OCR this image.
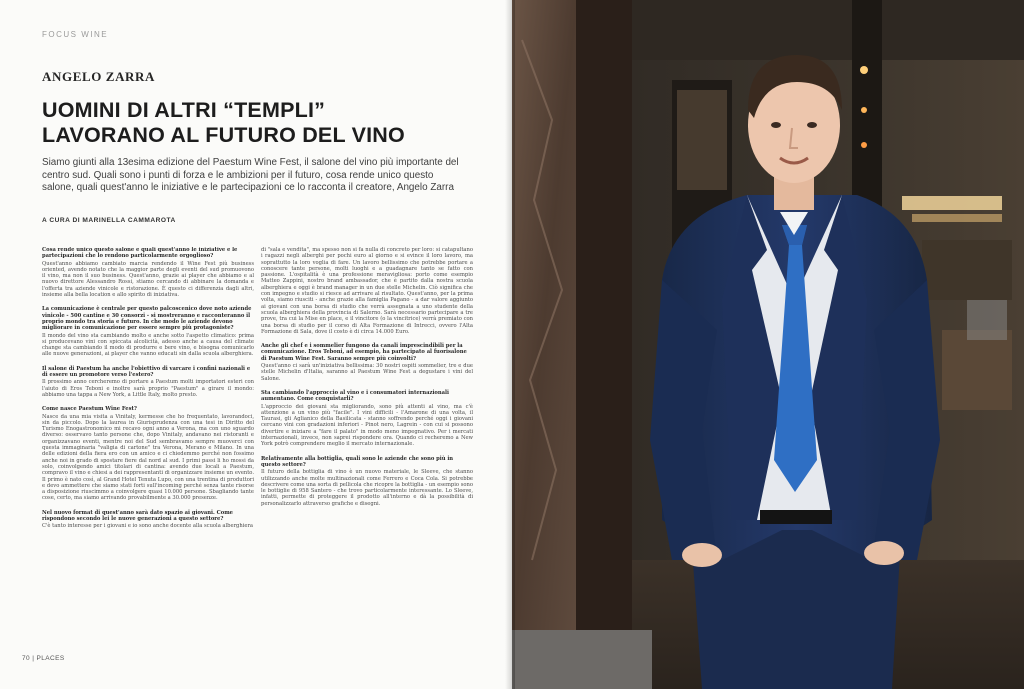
FOCUS WINE
ANGELO ZARRA
UOMINI DI ALTRI “TEMPLI”
LAVORANO AL FUTURO DEL VINO
Siamo giunti alla 13esima edizione del Paestum Wine Fest, il salone del vino più importante del centro sud. Quali sono i punti di forza e le ambizioni per il futuro, cosa rende unico questo salone, quali quest'anno le iniziative e le partecipazioni ce lo racconta il creatore, Angelo Zarra
A CURA DI MARINELLA CAMMAROTA
Cosa rende unico questo salone e quali quest'anno le iniziative e le partecipazioni che lo rendono particolarmente orgoglioso?
Quest'anno abbiamo cambiato marcia rendendo il Wine Fest più business oriented, avendo notato che la maggior parte degli eventi del sud promuovono il vino, ma non il suo business. Quest'anno, grazie ai player che abbiamo e al nuovo direttore Alessandro Rossi, stiamo cercando di abbinare la domanda e l'offerta tra aziende vinicole e ristorazione. È questo ci differenzia dagli altri, insieme alla bella location e allo spirito di iniziativa.
La comunicazione è centrale per questo palcoscenico dove noto aziende vinicole - 500 cantine e 30 consorzi - si mostreranno e racconteranno il proprio mondo tra storia e futuro. In che modo le aziende devono migliorare in comunicazione per essere sempre più protagoniste?
Il mondo del vino sta cambiando molto e anche sotto l'aspetto climatico: prima si producevano vini con spiccata alcolicità, adesso anche a causa del climate change sta cambiando il modo di produrre e bere vino, e bisogna comunicarlo alle nuove generazioni, ai player che vanno educati sin dalla scuola alberghiera.
Il salone di Paestum ha anche l'obiettivo di varcare i confini nazionali e di essere un promotore verso l'estero?
Il prossimo anno cercheremo di portare a Paestum molti importatori esteri con l'aiuto di Eros Teboni e inoltre sarà proprio "Paestum" a girare il mondo: abbiamo una tappa a New York, a Little Italy, molto presto.
Come nasce Paestum Wine Fest?
Nasce da una mia visita a Vinitaly, kermesse che ho frequentato, lavorandoci, sin da piccolo. Dopo la laurea in Giurisprudenza con una tesi in Diritto del Turismo Enogastronomico mi recavo ogni anno a Verona, ma con uno sguardo diverso: osservavo tanto persone che, dopo Vinitaly, andavano nei ristoranti e organizzavano eventi, mentre noi del Sud sembravamo sempre muoverci con questa immaginaria "valigia di cartone" tra Verona, Merano e Milano. In una delle edizioni della fiera ero con un amico e ci chiedemmo perché non fossimo anche noi in grado di spostare fiere dal nord al sud. I primi passi li ho mossi da solo, coinvolgendo amici titolari di cantina: avendo due locali a Paestum, compravo il vino e chiesi a dei rappresentanti di organizzare insieme un evento. Il primo è nato così, al Grand Hotel Tenuta Lupo, con una trentina di produttori e devo ammettere che siamo stati forti sull'incoming perché senza tante risorse a disposizione riuscimmo a coinvolgere quasi 10.000 persone. Sbagliando tante cose, certo, ma siamo arrivando provabilmente a 30.000 presenze.
Nel nuovo format di quest'anno sarà dato spazio ai giovani. Come rispondono secondo lei le nuove generazioni a questo settore?
C'è tanto interesse per i giovani e io sono anche docente alla scuola alberghiera
di "sala e vendita", ma spesso non si fa nulla di concreto per loro: si catapultano i ragazzi negli alberghi per pochi euro al giorno e si evince il loro lavoro, ma soprattutto la loro voglia di fare. Un lavoro bellissimo che potrebbe portare a conoscere tante persone, molti luoghi e a guadagnare tanto se fatto con passione. L'ospitalità è una professione meravigliosa: porto come esempio Matteo Zappini, nostro brand ambassador, che è partito dalla nostra scuola alberghiera e oggi è brand manager in un due stelle Michelin. Ciò significa che con impegno e studio si riesce ad arrivare al risultato. Quest'anno, per la prima volta, siamo riusciti - anche grazie alla famiglia Pagano - a dar valore aggiunto ai giovani con una borsa di studio che verrà assegnata a uno studente della scuola alberghiera della provincia di Salerno. Sarà necessario partecipare a tre prove, tra cui la Mise en place, e il vincitore (o la vincitrice) verrà premiato con una borsa di studio per il corso di Alta Formazione di Intrecci, ovvero l'Alta Formazione di Sala, dove il costo è di circa 14.000 Euro.
Anche gli chef e i sommelier fungono da canali imprescindibili per la comunicazione. Eros Teboni, ad esempio, ha partecipato al fuorisalone di Paestum Wine Fest. Saranno sempre più coinvolti?
Quest'anno ci sarà un'iniziativa bellissima: 30 nostri ospiti sommelier, tre e due stelle Michelin d'Italia, saranno al Paestum Wine Fest a degustare i vini del Salone.
Sta cambiando l'approccio al vino e i consumatori internazionali aumentano. Come conquistarli?
L'approccio dei giovani sta migliorando, sono più attenti al vino, ma c'è attenzione a un vino più "facile". I vini difficili - l'Amarone di una volta, il Taurasi, gli Aglianico della Basilicata - stanno soffrendo perché oggi i giovani cercano vini con gradazioni inferiori - Pinot nero, Lagrein - con cui si possono divertire e iniziare a "fare il palato" in modo meno impegnativo. Per i mercati internazionali, invece, non saprei rispondere ora. Quando ci recheremo a New York potrò comprendere meglio il mercato internazionale.
Relativamente alla bottiglia, quali sono le aziende che sono più in questo settore?
Il futuro della bottiglia di vino è un nuovo materiale, le Sleeve, che stanno utilizzando anche molte multinazionali come Ferrero e Coca Cola. Si potrebbe descrivere come una sorta di pellicola che ricopre la bottiglia - un esempio sono le bottiglie di 958 Santero - che trovo particolarmente interessante. Lo Sleeve, infatti, permette di proteggere il prodotto all'interno e dà la possibilità di personalizzarlo attraverso grafiche e disegni.
70 | PLACES
